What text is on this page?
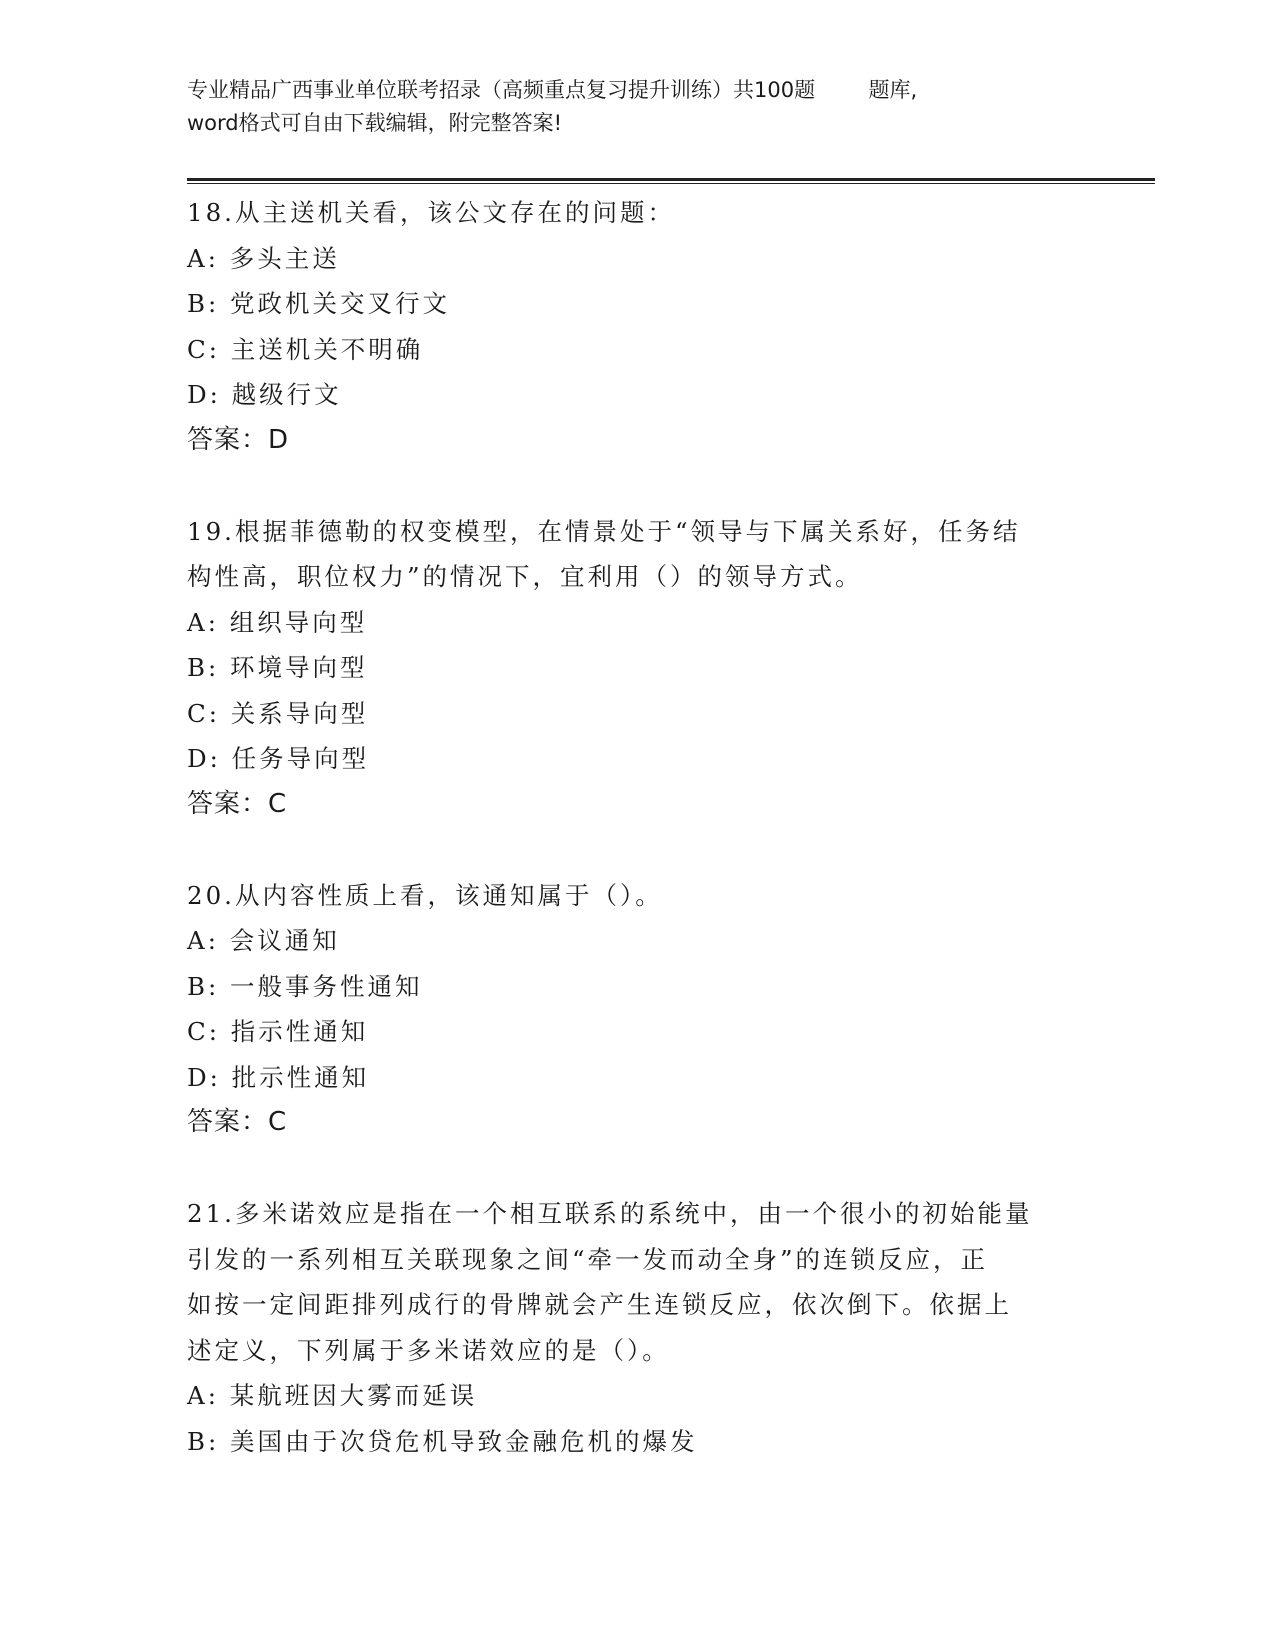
专业精品广西事业单位联考招录（高频重点复习提升训练）共100题        题库,
word格式可自由下载编辑，附完整答案!
18.从主送机关看，该公文存在的问题：
A: 多头主送
B: 党政机关交叉行文
C: 主送机关不明确
D: 越级行文
答案：D
19.根据菲德勒的权变模型，在情景处于“领导与下属关系好，任务结
构性高，职位权力”的情况下，宜利用（）的领导方式。
A: 组织导向型
B: 环境导向型
C: 关系导向型
D: 任务导向型
答案：C
20.从内容性质上看，该通知属于（）。
A: 会议通知
B: 一般事务性通知
C: 指示性通知
D: 批示性通知
答案：C
21.多米诺效应是指在一个相互联系的系统中，由一个很小的初始能量
引发的一系列相互关联现象之间“牵一发而动全身”的连锁反应，正
如按一定间距排列成行的骨牌就会产生连锁反应，依次倒下。依据上
述定义，下列属于多米诺效应的是（）。
A: 某航班因大雾而延误
B: 美国由于次贷危机导致金融危机的爆发
